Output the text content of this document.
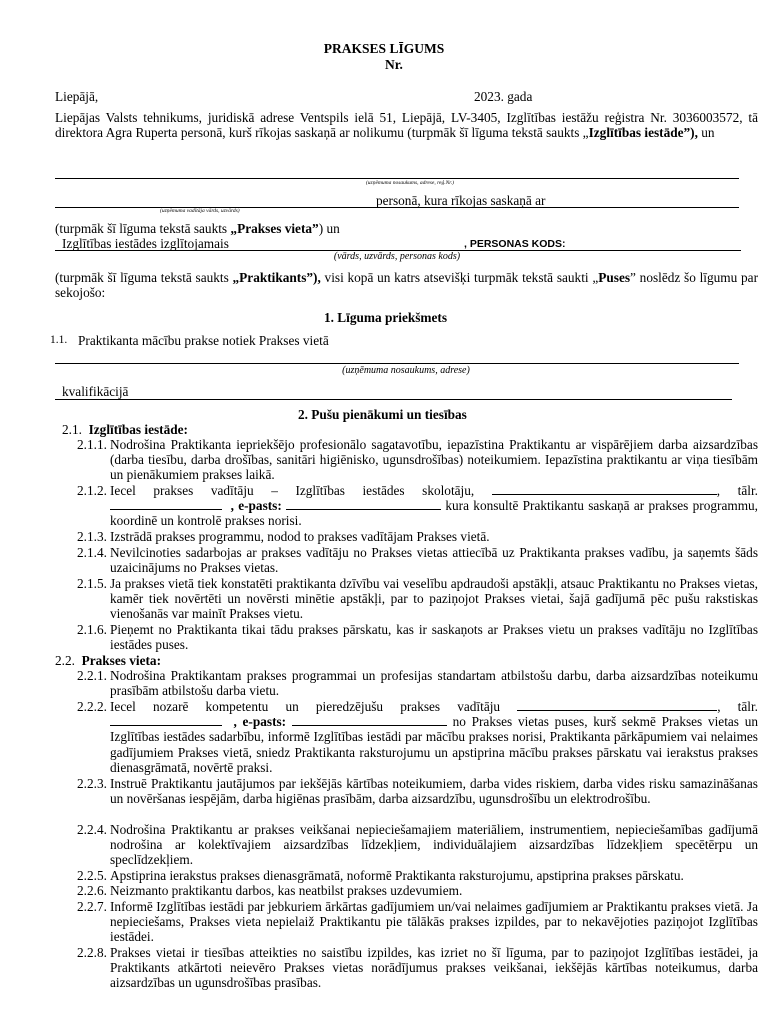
PRAKSES LĪGUMS
Nr.
Liepājā,	2023. gada
Liepājas Valsts tehnikums, juridiskā adrese Ventspils ielā 51, Liepājā, LV-3405, Izglītības iestāžu reģistra Nr. 3036003572, tā direktora Agra Ruperta personā, kurš rīkojas saskaņā ar nolikumu (turpmāk šī līguma tekstā saukts „Izglītības iestāde”), un
(uzņēmuma nosaukums, adrese, reģ.Nr.)
personā, kura rīkojas saskaņā ar
(uzņēmuma vadītāja vārds, uzvārds)
(turpmāk šī līguma tekstā saukts „Prakses vieta”) un
Izglītības iestādes izglītojamais	, PERSONAS KODS:
(vārds, uzvārds, personas kods)
(turpmāk šī līguma tekstā saukts „Praktikants”), visi kopā un katrs atsevišķi turpmāk tekstā saukti „Puses” noslēdz šo līgumu par sekojošo:
1. Līguma priekšmets
1.1. Praktikanta mācību prakse notiek Prakses vietā
(uzņēmuma nosaukums, adrese)
kvalifikācijā
2. Pušu pienākumi un tiesības
2.1. Izglītības iestāde:
2.1.1. Nodrošina Praktikanta iepriekšējo profesionālo sagatavotību, iepazīstina Praktikantu ar vispārējiem darba aizsardzības (darba tiesību, darba drošības, sanitāri higiēnisko, ugunsdrošības) noteikumiem. Iepazīstina praktikantu ar viņa tiesībām un pienākumiem prakses laikā.
2.1.2. Iecel prakses vadītāju – Izglītības iestādes skolotāju,	, tālr.   , e-pasts:	kura konsultē Praktikantu saskaņā ar prakses programmu, koordinē un kontrolē prakses norisi.
2.1.3. Izstrādā prakses programmu, nodod to prakses vadītājam Prakses vietā.
2.1.4. Nevilcinoties sadarbojas ar prakses vadītāju no Prakses vietas attiecībā uz Praktikanta prakses vadību, ja saņemts šāds uzaicinājums no Prakses vietas.
2.1.5. Ja prakses vietā tiek konstatēti praktikanta dzīvību vai veselību apdraudoši apstākļi, atsauc Praktikantu no Prakses vietas, kamēr tiek novērtēti un novērsti minētie apstākļi, par to paziņojot Prakses vietai, šajā gadījumā pēc pušu rakstiskas vienošanās var mainīt Prakses vietu.
2.1.6. Pieņemt no Praktikanta tikai tādu prakses pārskatu, kas ir saskaņots ar Prakses vietu un prakses vadītāju no Izglītības iestādes puses.
2.2. Prakses vieta:
2.2.1. Nodrošina Praktikantam prakses programmai un profesijas standartam atbilstošu darbu, darba aizsardzības noteikumu prasībām atbilstošu darba vietu.
2.2.2. Iecel nozarē kompetentu un pieredzējušu prakses vadītāju	, tālr.   , e-pasts:	no Prakses vietas puses, kurš sekmē Prakses vietas un Izglītības iestādes sadarbību, informē Izglītības iestādi par mācību prakses norisi, Praktikanta pārkāpumiem vai nelaimes gadījumiem Prakses vietā, sniedz Praktikanta raksturojumu un apstiprina mācību prakses pārskatu vai ierakstus prakses dienasgrāmatā, novērtē praksi.
2.2.3. Instruē Praktikantu jautājumos par iekšējās kārtības noteikumiem, darba vides riskiem, darba vides risku samazināšanas un novēršanas iespējām, darba higiēnas prasībām, darba aizsardzību, ugunsdrošību un elektrodrošību.
2.2.4. Nodrošina Praktikantu ar prakses veikšanai nepieciešamajiem materiāliem, instrumentiem, nepieciešamības gadījumā nodrošina ar kolektīvajiem aizsardzības līdzekļiem, individuālajiem aizsardzības līdzekļiem specētērpu un speclīdzekļiem.
2.2.5. Apstiprina ierakstus prakses dienasgrāmatā, noformē Praktikanta raksturojumu, apstiprina prakses pārskatu.
2.2.6. Neizmanto praktikantu darbos, kas neatbilst prakses uzdevumiem.
2.2.7. Informē Izglītības iestādi par jebkuriem ārkārtas gadījumiem un/vai nelaimes gadījumiem ar Praktikantu prakses vietā. Ja nepieciešams, Prakses vieta nepielaiž Praktikantu pie tālākās prakses izpildes, par to nekavējoties paziņojot Izglītības iestādei.
2.2.8. Prakses vietai ir tiesības atteikties no saistību izpildes, kas izriet no šī līguma, par to paziņojot Izglītības iestādei, ja Praktikants atkārtoti neievēro Prakses vietas norādījumus prakses veikšanai, iekšējās kārtības noteikumus, darba aizsardzības un ugunsdrošības prasības.
